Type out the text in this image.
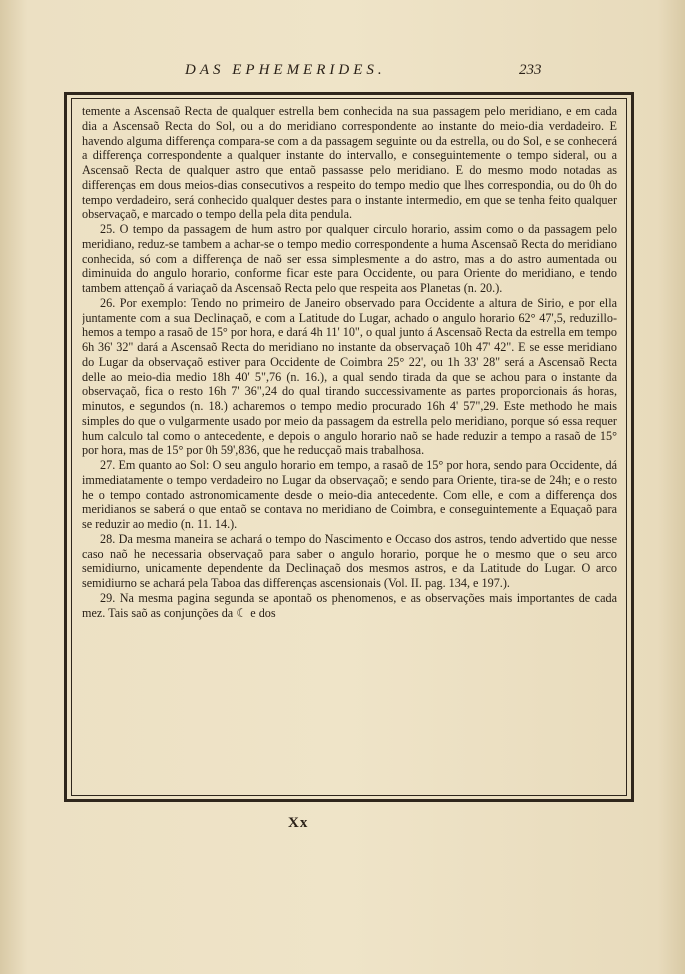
DAS EPHEMERIDES.	233

temente a Ascensaõ Recta de qualquer estrella bem conhecida na sua passagem pelo meridiano, e em cada dia a Ascensaõ Recta do Sol, ou a do meridiano correspondente ao instante do meio-dia verdadeiro. E havendo alguma differença compara-se com a da passagem seguinte ou da estrella, ou do Sol, e se conhecerá a differença correspondente a qualquer instante do intervallo, e conseguintemente o tempo sideral, ou a Ascensaõ Recta de qualquer astro que entaõ passasse pelo meridiano. E do mesmo modo notadas as differenças em dous meios-dias consecutivos a respeito do tempo medio que lhes correspondia, ou do 0h do tempo verdadeiro, será conhecido qualquer destes para o instante intermedio, em que se tenha feito qualquer observaçaõ, e marcado o tempo della pela dita pendula.

25. O tempo da passagem de hum astro por qualquer circulo horario, assim como o da passagem pelo meridiano, reduz-se tambem a achar-se o tempo medio correspondente a huma Ascensaõ Recta do meridiano conhecida, só com a differença de naõ ser essa simplesmente a do astro, mas a do astro aumentada ou diminuida do angulo horario, conforme ficar este para Occidente, ou para Oriente do meridiano, e tendo tambem attençaõ á variaçaõ da Ascensaõ Recta pelo que respeita aos Planetas (n. 20.).

26. Por exemplo: Tendo no primeiro de Janeiro observado para Occidente a altura de Sirio, e por ella juntamente com a sua Declinaçaõ, e com a Latitude do Lugar, achado o angulo horario 62° 47',5, reduzillo-hemos a tempo a rasaõ de 15° por hora, e dará 4h 11' 10", o qual junto á Ascensaõ Recta da estrella em tempo 6h 36' 32" dará a Ascensaõ Recta do meridiano no instante da observaçaõ 10h 47' 42". E se esse meridiano do Lugar da observaçaõ estiver para Occidente de Coimbra 25° 22', ou 1h 33' 28" será a Ascensaõ Recta delle ao meio-dia medio 18h 40' 5",76 (n. 16.), a qual sendo tirada da que se achou para o instante da observaçaõ, fica o resto 16h 7' 36",24 do qual tirando successivamente as partes proporcionais ás horas, minutos, e segundos (n. 18.) acharemos o tempo medio procurado 16h 4' 57",29. Este methodo he mais simples do que o vulgarmente usado por meio da passagem da estrella pelo meridiano, porque só essa requer hum calculo tal como o antecedente, e depois o angulo horario naõ se hade reduzir a tempo a rasaõ de 15° por hora, mas de 15° por 0h 59',836, que he reducçaõ mais trabalhosa.

27. Em quanto ao Sol: O seu angulo horario em tempo, a rasaõ de 15° por hora, sendo para Occidente, dá immediatamente o tempo verdadeiro no Lugar da observaçaõ; e sendo para Oriente, tira-se de 24h; e o resto he o tempo contado astronomicamente desde o meio-dia antecedente. Com elle, e com a differença dos meridianos se saberá o que entaõ se contava no meridiano de Coimbra, e conseguintemente a Equaçaõ para se reduzir ao medio (n. 11. 14.).

28. Da mesma maneira se achará o tempo do Nascimento e Occaso dos astros, tendo advertido que nesse caso naõ he necessaria observaçaõ para saber o angulo horario, porque he o mesmo que o seu arco semidiurno, unicamente dependente da Declinaçaõ dos mesmos astros, e da Latitude do Lugar. O arco semidiurno se achará pela Taboa das differenças ascensionais (Vol. II. pag. 134, e 197.).

29. Na mesma pagina segunda se apontaõ os phenomenos, e as observações mais importantes de cada mez. Tais saõ as conjunções da ☾ e dos

Xx
